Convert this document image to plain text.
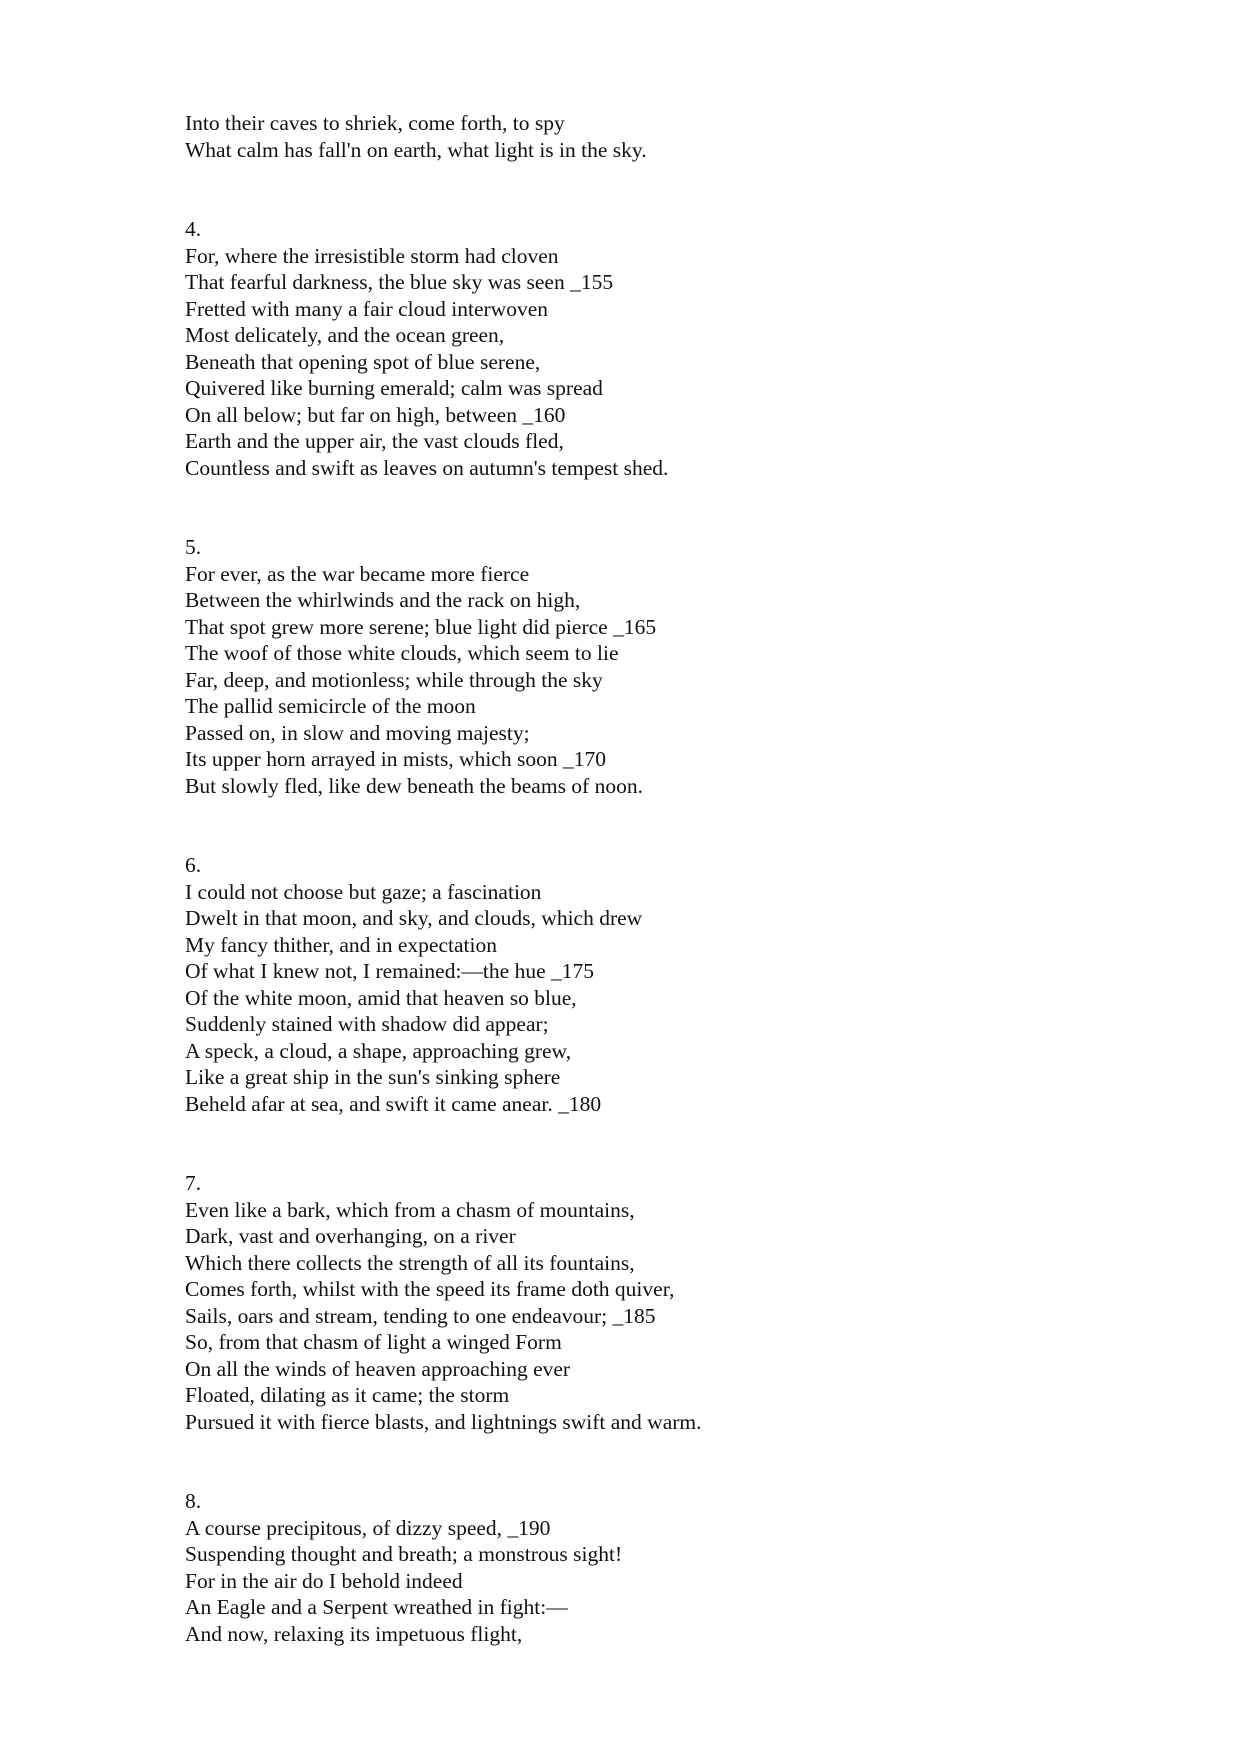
Into their caves to shriek, come forth, to spy
What calm has fall'n on earth, what light is in the sky.
4.
For, where the irresistible storm had cloven
That fearful darkness, the blue sky was seen _155
Fretted with many a fair cloud interwoven
Most delicately, and the ocean green,
Beneath that opening spot of blue serene,
Quivered like burning emerald; calm was spread
On all below; but far on high, between _160
Earth and the upper air, the vast clouds fled,
Countless and swift as leaves on autumn's tempest shed.
5.
For ever, as the war became more fierce
Between the whirlwinds and the rack on high,
That spot grew more serene; blue light did pierce _165
The woof of those white clouds, which seem to lie
Far, deep, and motionless; while through the sky
The pallid semicircle of the moon
Passed on, in slow and moving majesty;
Its upper horn arrayed in mists, which soon _170
But slowly fled, like dew beneath the beams of noon.
6.
I could not choose but gaze; a fascination
Dwelt in that moon, and sky, and clouds, which drew
My fancy thither, and in expectation
Of what I knew not, I remained:—the hue _175
Of the white moon, amid that heaven so blue,
Suddenly stained with shadow did appear;
A speck, a cloud, a shape, approaching grew,
Like a great ship in the sun's sinking sphere
Beheld afar at sea, and swift it came anear. _180
7.
Even like a bark, which from a chasm of mountains,
Dark, vast and overhanging, on a river
Which there collects the strength of all its fountains,
Comes forth, whilst with the speed its frame doth quiver,
Sails, oars and stream, tending to one endeavour; _185
So, from that chasm of light a winged Form
On all the winds of heaven approaching ever
Floated, dilating as it came; the storm
Pursued it with fierce blasts, and lightnings swift and warm.
8.
A course precipitous, of dizzy speed, _190
Suspending thought and breath; a monstrous sight!
For in the air do I behold indeed
An Eagle and a Serpent wreathed in fight:—
And now, relaxing its impetuous flight,
